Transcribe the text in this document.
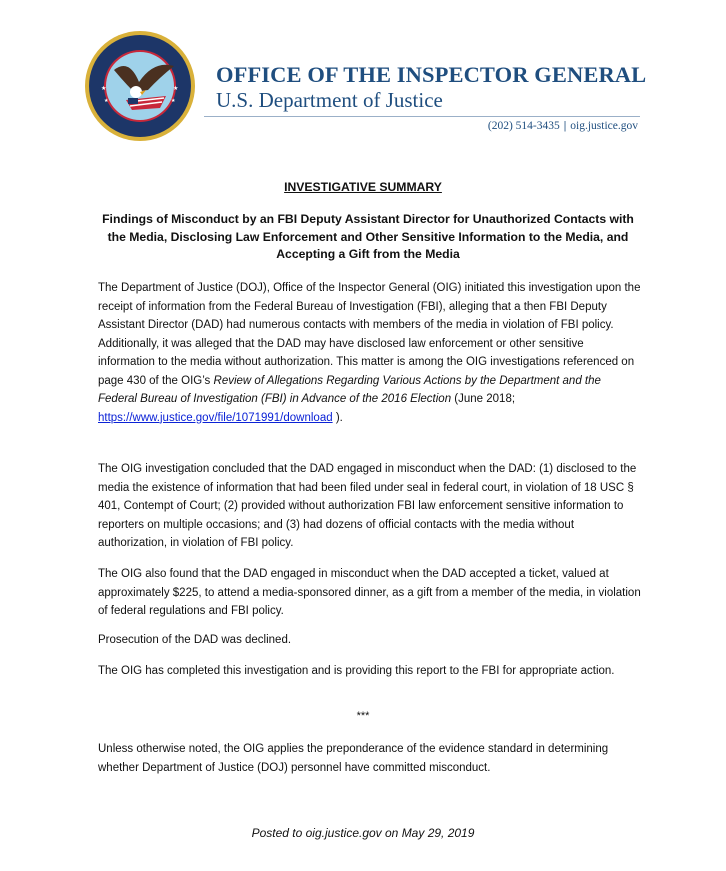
★	★
★	★
OFFICE OF THE INSPECTOR GENERAL
U.S. Department of Justice
(202) 514-3435 | oig.justice.gov
INVESTIGATIVE SUMMARY
Findings of Misconduct by an FBI Deputy Assistant Director for Unauthorized Contacts with the Media, Disclosing Law Enforcement and Other Sensitive Information to the Media, and Accepting a Gift from the Media

The Department of Justice (DOJ), Office of the Inspector General (OIG) initiated this investigation upon the receipt of information from the Federal Bureau of Investigation (FBI), alleging that a then FBI Deputy Assistant Director (DAD) had numerous contacts with members of the media in violation of FBI policy. Additionally, it was alleged that the DAD may have disclosed law enforcement or other sensitive information to the media without authorization. This matter is among the OIG investigations referenced on page 430 of the OIG’s Review of Allegations Regarding Various Actions by the Department and the Federal Bureau of Investigation (FBI) in Advance of the 2016 Election (June 2018; https://www.justice.gov/file/1071991/download ).

The OIG investigation concluded that the DAD engaged in misconduct when the DAD: (1) disclosed to the media the existence of information that had been filed under seal in federal court, in violation of 18 USC § 401, Contempt of Court; (2) provided without authorization FBI law enforcement sensitive information to reporters on multiple occasions; and (3) had dozens of official contacts with the media without authorization, in violation of FBI policy.

The OIG also found that the DAD engaged in misconduct when the DAD accepted a ticket, valued at approximately $225, to attend a media-sponsored dinner, as a gift from a member of the media, in violation of federal regulations and FBI policy.

Prosecution of the DAD was declined.

The OIG has completed this investigation and is providing this report to the FBI for appropriate action.

***

Unless otherwise noted, the OIG applies the preponderance of the evidence standard in determining whether Department of Justice (DOJ) personnel have committed misconduct.

Posted to oig.justice.gov on May 29, 2019
